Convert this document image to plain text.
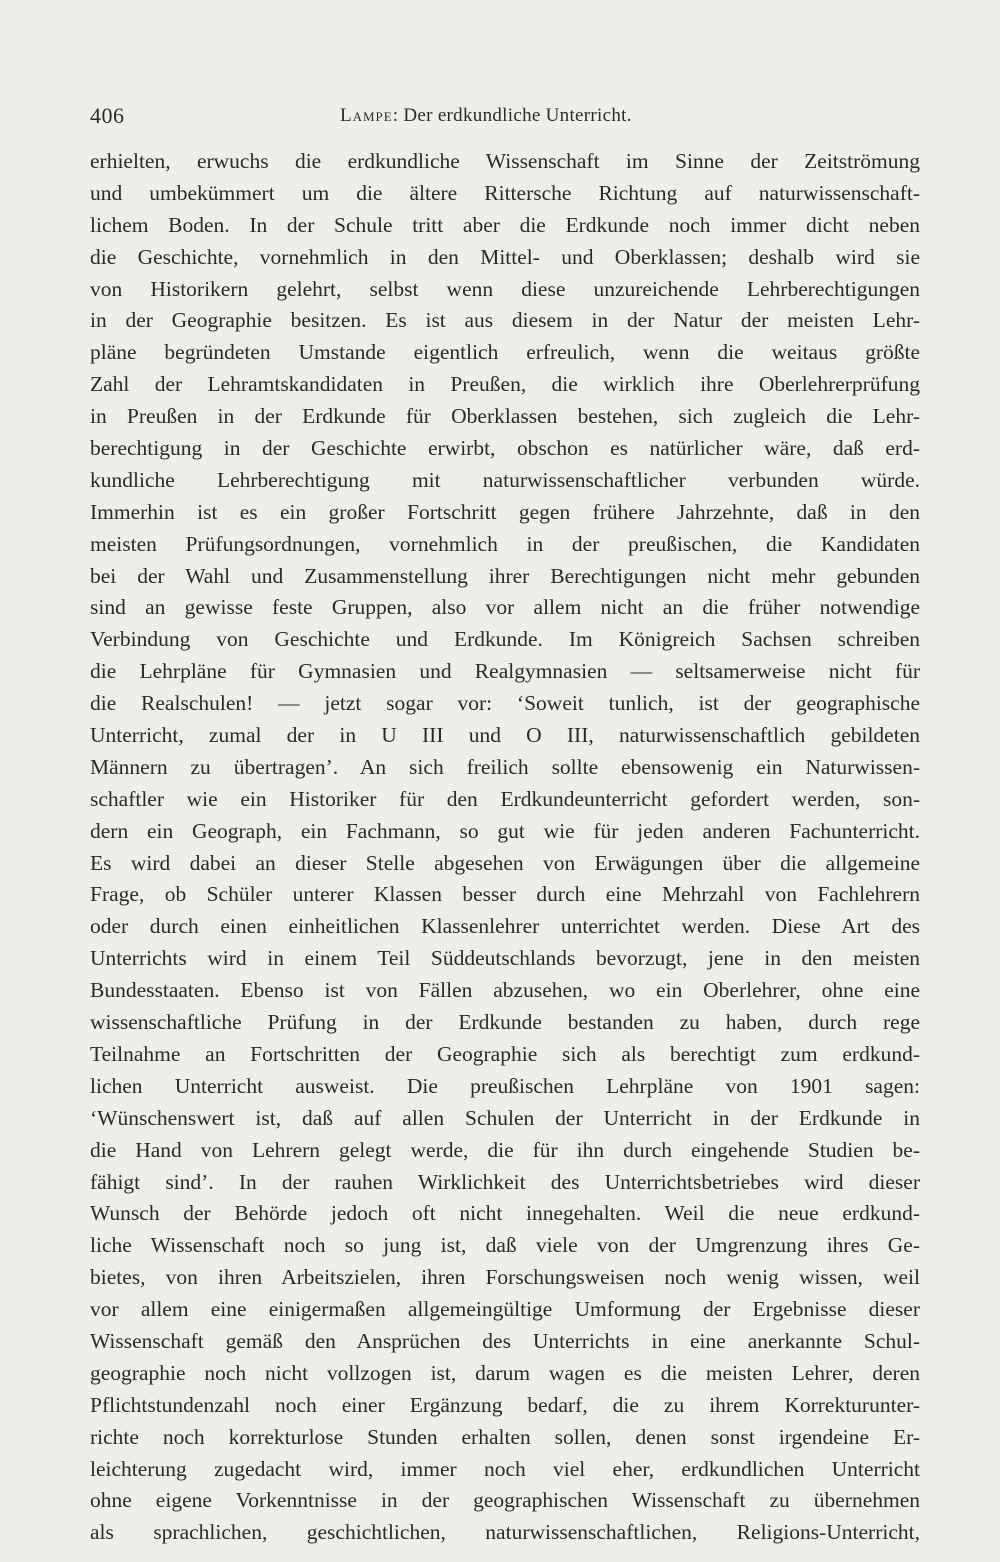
406	Lampe: Der erdkundliche Unterricht.
erhielten, erwuchs die erdkundliche Wissenschaft im Sinne der Zeitströmung
und umbekümmert um die ältere Rittersche Richtung auf naturwissenschaft-
lichem Boden. In der Schule tritt aber die Erdkunde noch immer dicht neben
die Geschichte, vornehmlich in den Mittel- und Oberklassen; deshalb wird sie
von Historikern gelehrt, selbst wenn diese unzureichende Lehrberechtigungen
in der Geographie besitzen. Es ist aus diesem in der Natur der meisten Lehr-
pläne begründeten Umstande eigentlich erfreulich, wenn die weitaus größte
Zahl der Lehramtskandidaten in Preußen, die wirklich ihre Oberlehrerprüfung
in Preußen in der Erdkunde für Oberklassen bestehen, sich zugleich die Lehr-
berechtigung in der Geschichte erwirbt, obschon es natürlicher wäre, daß erd-
kundliche Lehrberechtigung mit naturwissenschaftlicher verbunden würde.
Immerhin ist es ein großer Fortschritt gegen frühere Jahrzehnte, daß in den
meisten Prüfungsordnungen, vornehmlich in der preußischen, die Kandidaten
bei der Wahl und Zusammenstellung ihrer Berechtigungen nicht mehr gebunden
sind an gewisse feste Gruppen, also vor allem nicht an die früher notwendige
Verbindung von Geschichte und Erdkunde. Im Königreich Sachsen schreiben
die Lehrpläne für Gymnasien und Realgymnasien — seltsamerweise nicht für
die Realschulen! — jetzt sogar vor: ‘Soweit tunlich, ist der geographische
Unterricht, zumal der in U III und O III, naturwissenschaftlich gebildeten
Männern zu übertragen’. An sich freilich sollte ebensowenig ein Naturwissen-
schaftler wie ein Historiker für den Erdkundeunterricht gefordert werden, son-
dern ein Geograph, ein Fachmann, so gut wie für jeden anderen Fachunterricht.
Es wird dabei an dieser Stelle abgesehen von Erwägungen über die allgemeine
Frage, ob Schüler unterer Klassen besser durch eine Mehrzahl von Fachlehrern
oder durch einen einheitlichen Klassenlehrer unterrichtet werden. Diese Art des
Unterrichts wird in einem Teil Süddeutschlands bevorzugt, jene in den meisten
Bundesstaaten. Ebenso ist von Fällen abzusehen, wo ein Oberlehrer, ohne eine
wissenschaftliche Prüfung in der Erdkunde bestanden zu haben, durch rege
Teilnahme an Fortschritten der Geographie sich als berechtigt zum erdkund-
lichen Unterricht ausweist. Die preußischen Lehrpläne von 1901 sagen:
‘Wünschenswert ist, daß auf allen Schulen der Unterricht in der Erdkunde in
die Hand von Lehrern gelegt werde, die für ihn durch eingehende Studien be-
fähigt sind’. In der rauhen Wirklichkeit des Unterrichtsbetriebes wird dieser
Wunsch der Behörde jedoch oft nicht innegehalten. Weil die neue erdkund-
liche Wissenschaft noch so jung ist, daß viele von der Umgrenzung ihres Ge-
bietes, von ihren Arbeitszielen, ihren Forschungsweisen noch wenig wissen, weil
vor allem eine einigermaßen allgemeingültige Umformung der Ergebnisse dieser
Wissenschaft gemäß den Ansprüchen des Unterrichts in eine anerkannte Schul-
geographie noch nicht vollzogen ist, darum wagen es die meisten Lehrer, deren
Pflichtstundenzahl noch einer Ergänzung bedarf, die zu ihrem Korrekturunter-
richte noch korrekturlose Stunden erhalten sollen, denen sonst irgendeine Er-
leichterung zugedacht wird, immer noch viel eher, erdkundlichen Unterricht
ohne eigene Vorkenntnisse in der geographischen Wissenschaft zu übernehmen
als sprachlichen, geschichtlichen, naturwissenschaftlichen, Religions-Unterricht,
